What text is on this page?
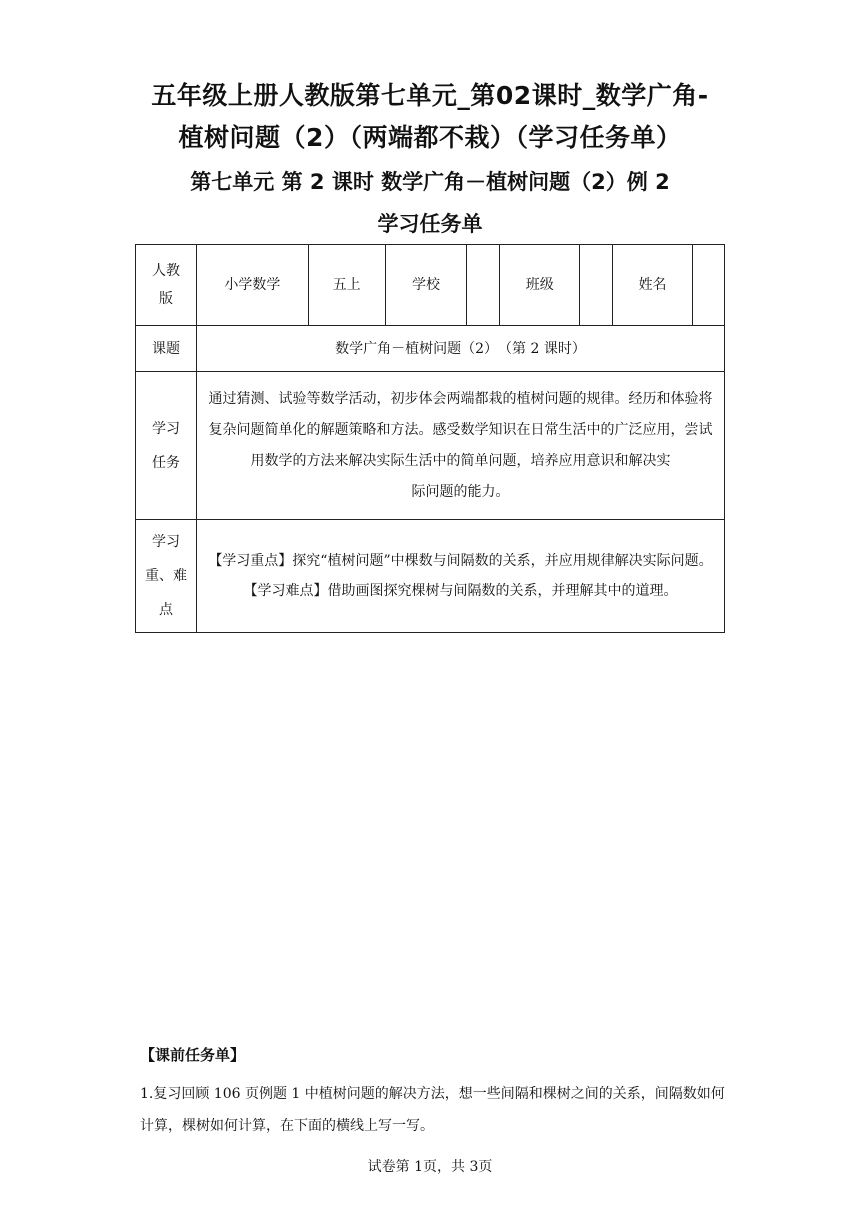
五年级上册人教版第七单元_第02课时_数学广角-
植树问题（2）（两端都不栽）（学习任务单）
第七单元 第 2 课时 数学广角－植树问题（2）例 2
学习任务单
人教版	小学数学	五上	学校		班级		姓名	
课题	数学广角－植树问题（2）　（第 2 课时）							

学习任务	通过猜测、试验等数学活动，初步体会两端都栽的植树问题的规律。经历和体验将复杂问题简单化的解题策略和方法。感受数学知识在日常生活中的广泛应用，尝试用数学的方法来解决实际生活中的简单问题，培养应用意识和解决实
际问题的能力。							

学习重、难点	【学习重点】探究“植树问题”中棵数与间隔数的关系，并应用规律解决实际问题。【学习难点】借助画图探究棵树与间隔数的关系，并理解其中的道理。							
【课前任务单】
1.复习回顾 106 页例题 1 中植树问题的解决方法，想一些间隔和棵树之间的关系，间隔数如何计算，棵树如何计算，在下面的横线上写一写。
试卷第 1页，共 3页
